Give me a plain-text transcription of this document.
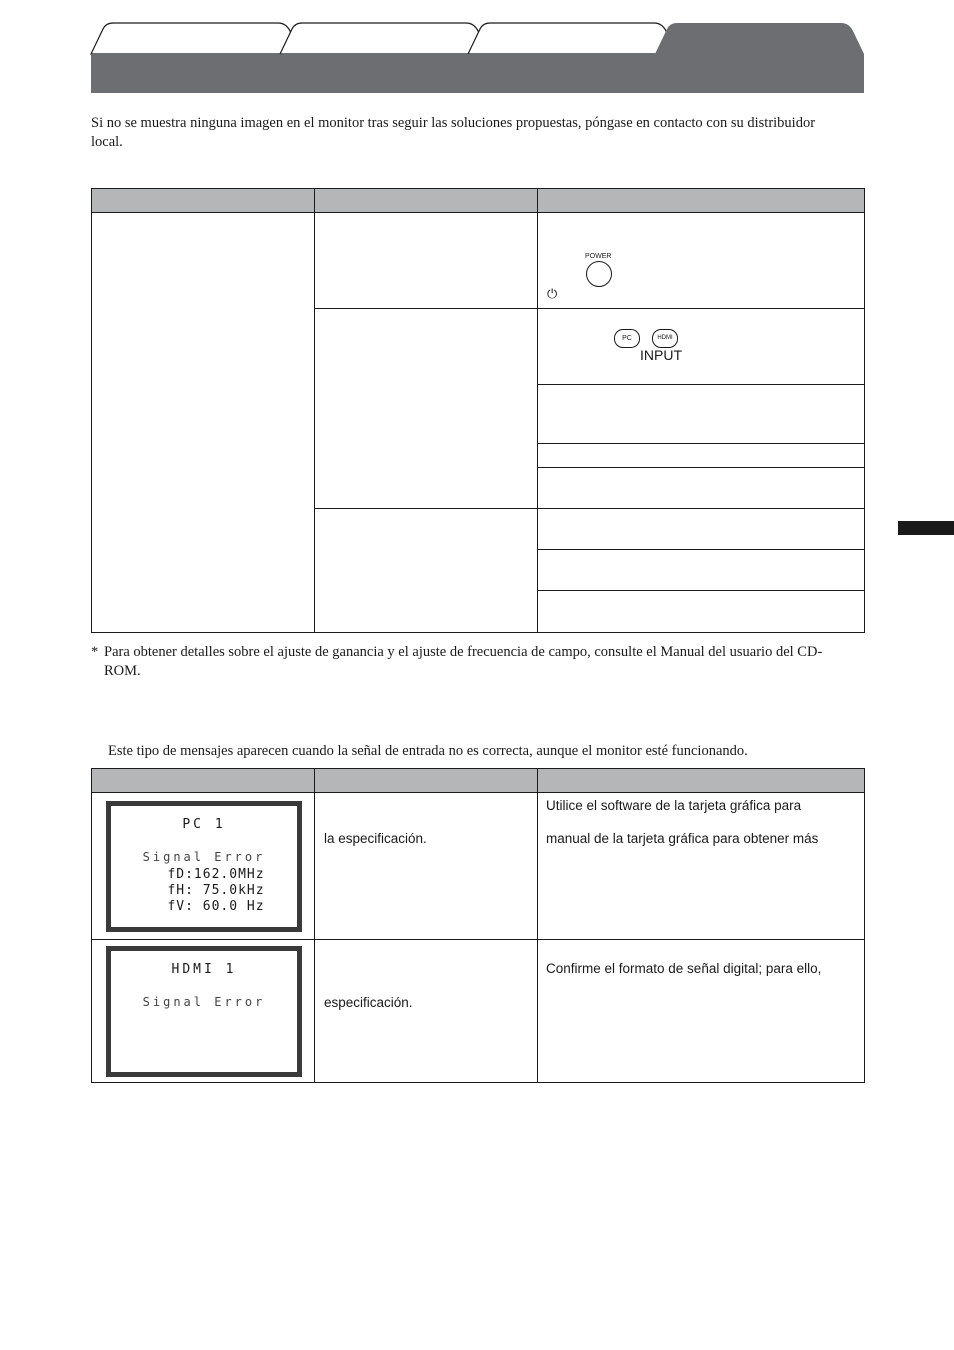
Si no se muestra ninguna imagen en el monitor tras seguir las soluciones propuestas, póngase en contacto con su distribuidor local.
POWER
⏻
PC	HDMI
INPUT
* Para obtener detalles sobre el ajuste de ganancia y el ajuste de frecuencia de campo, consulte el Manual del usuario del CD-ROM.
Este tipo de mensajes aparecen cuando la señal de entrada no es correcta, aunque el monitor esté funcionando.
PC 1
Signal Error
fD:162.0MHz
fH: 75.0kHz
fV: 60.0 Hz
la especificación.
Utilice el software de la tarjeta gráfica para
manual de la tarjeta gráfica para obtener más
HDMI 1
Signal Error	especificación.
Confirme el formato de señal digital; para ello,
